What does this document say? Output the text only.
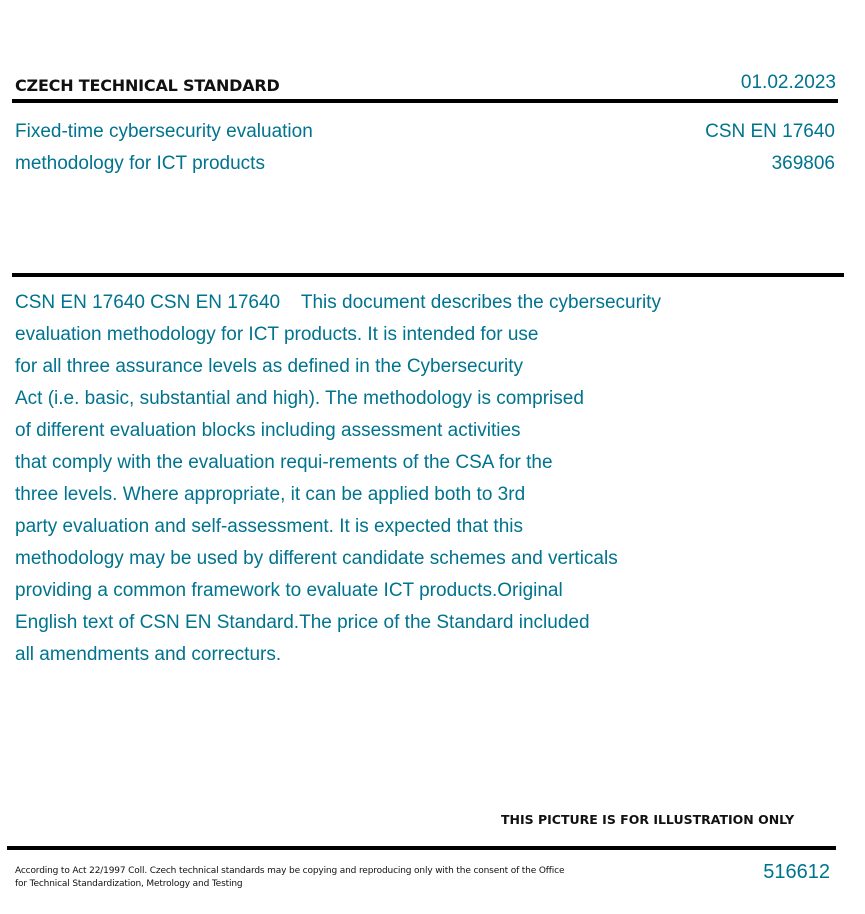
CZECH TECHNICAL STANDARD	01.02.2023
Fixed-time cybersecurity evaluation
methodology for ICT products
CSN EN 17640
369806
CSN EN 17640 CSN EN 17640    This document describes the cybersecurity
evaluation methodology for ICT products. It is intended for use
for all three assurance levels as defined in the Cybersecurity
Act (i.e. basic, substantial and high). The methodology is comprised
of different evaluation blocks including assessment activities
that comply with the evaluation requi-rements of the CSA for the
three levels. Where appropriate, it can be applied both to 3rd
party evaluation and self-assessment. It is expected that this
methodology may be used by different candidate schemes and verticals
providing a common framework to evaluate ICT products.Original
English text of CSN EN Standard.The price of the Standard included
all amendments and correcturs.
THIS PICTURE IS FOR ILLUSTRATION ONLY
According to Act 22/1997 Coll. Czech technical standards may be copying and reproducing only with the consent of the Office
for Technical Standardization, Metrology and Testing
516612
